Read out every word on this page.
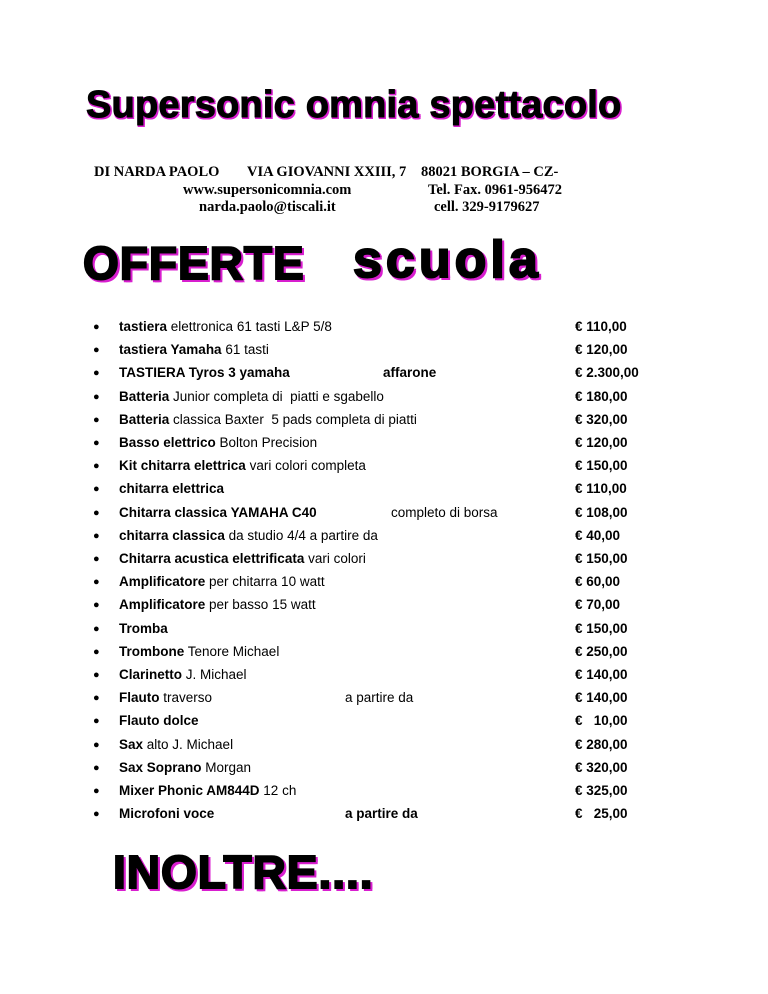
Supersonic omnia spettacolo
DI NARDA PAOLO VIA GIOVANNI XXIII, 7 88021 BORGIA – CZ-
www.supersonicomnia.com	Tel. Fax. 0961-956472
narda.paolo@tiscali.it	cell. 329-9179627
OFFERTE scuola
● tastiera elettronica 61 tasti L&P 5/8	€ 110,00
● tastiera Yamaha 61 tasti	€ 120,00
● TASTIERA Tyros 3 yamaha	affarone	€ 2.300,00
● Batteria Junior completa di  piatti e sgabello	€ 180,00
● Batteria classica Baxter  5 pads completa di piatti	€ 320,00
● Basso elettrico Bolton Precision	€ 120,00
● Kit chitarra elettrica vari colori completa	€ 150,00
● chitarra elettrica	€ 110,00
● Chitarra classica YAMAHA C40	completo di borsa	€ 108,00
● chitarra classica da studio 4/4 a partire da	€ 40,00
● Chitarra acustica elettrificata vari colori	€ 150,00
● Amplificatore per chitarra 10 watt	€ 60,00
● Amplificatore per basso 15 watt	€ 70,00
● Tromba	€ 150,00
● Trombone Tenore Michael	€ 250,00
● Clarinetto J. Michael	€ 140,00
● Flauto traverso	a partire da	€ 140,00
● Flauto dolce	€   10,00
● Sax alto J. Michael	€ 280,00
● Sax Soprano Morgan	€ 320,00
● Mixer Phonic AM844D 12 ch	€ 325,00
● Microfoni voce	a partire da	€   25,00
INOLTRE....
